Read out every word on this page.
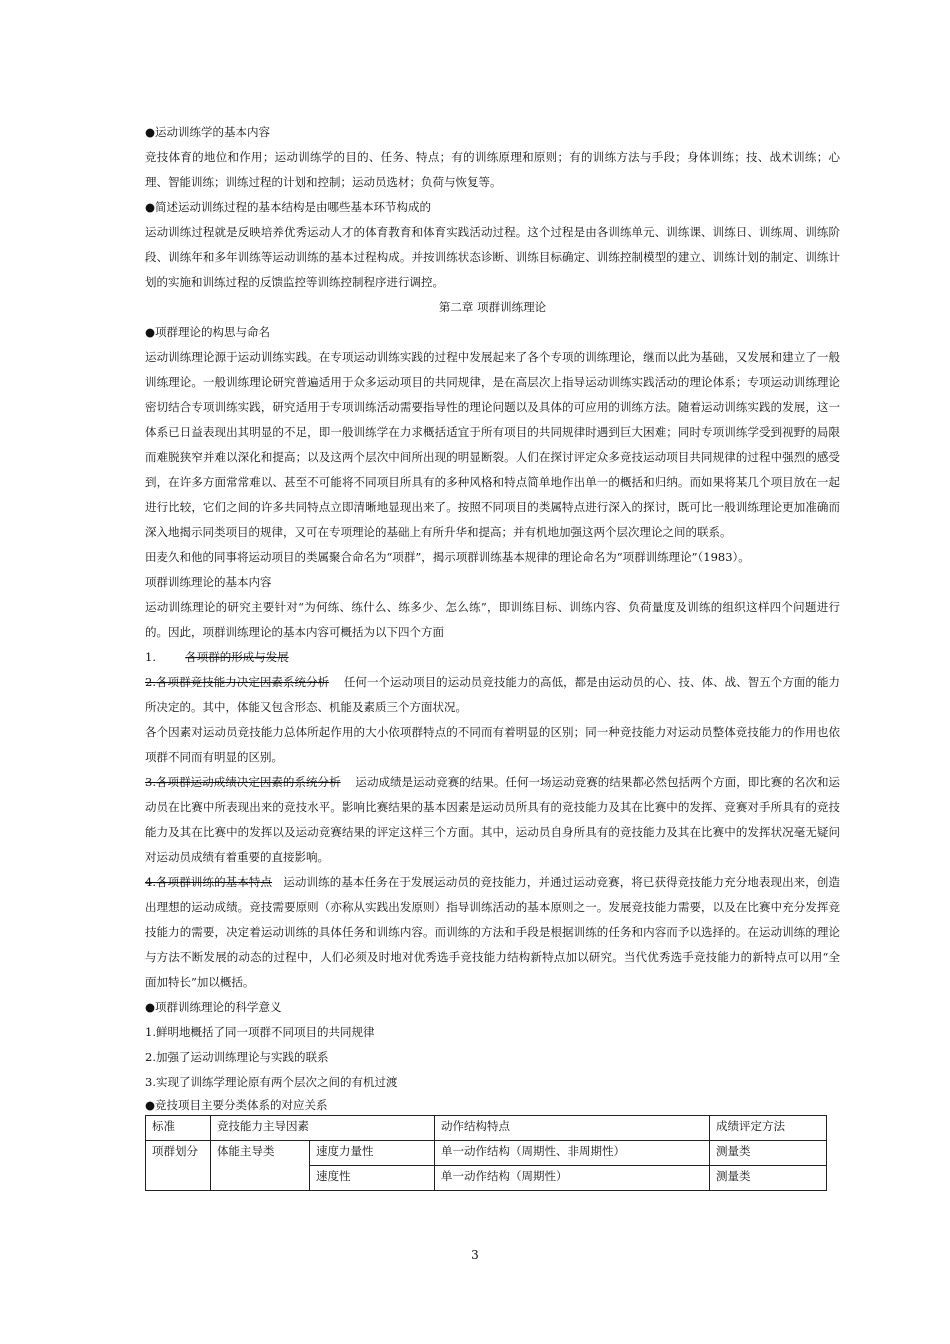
●运动训练学的基本内容

竞技体育的地位和作用；运动训练学的目的、任务、特点；有的训练原理和原则；有的训练方法与手段；身体训练；技、战术训练；心理、智能训练；训练过程的计划和控制；运动员选材；负荷与恢复等。

●简述运动训练过程的基本结构是由哪些基本环节构成的

运动训练过程就是反映培养优秀运动人才的体育教育和体育实践活动过程。这个过程是由各训练单元、训练课、训练日、训练周、训练阶段、训练年和多年训练等运动训练的基本过程构成。并按训练状态诊断、训练目标确定、训练控制模型的建立、训练计划的制定、训练计划的实施和训练过程的反馈监控等训练控制程序进行调控。

第二章 项群训练理论

●项群理论的构思与命名

运动训练理论源于运动训练实践。在专项运动训练实践的过程中发展起来了各个专项的训练理论，继而以此为基础，又发展和建立了一般训练理论。一般训练理论研究普遍适用于众多运动项目的共同规律，是在高层次上指导运动训练实践活动的理论体系；专项运动训练理论密切结合专项训练实践，研究适用于专项训练活动需要指导性的理论问题以及具体的可应用的训练方法。随着运动训练实践的发展，这一体系已日益表现出其明显的不足，即一般训练学在力求概括适宜于所有项目的共同规律时遇到巨大困难；同时专项训练学受到视野的局限而难脱狭窄并难以深化和提高；以及这两个层次中间所出现的明显断裂。人们在探讨评定众多竞技运动项目共同规律的过程中强烈的感受到，在许多方面常常难以、甚至不可能将不同项目所具有的多种风格和特点简单地作出单一的概括和归纳。而如果将某几个项目放在一起进行比较，它们之间的许多共同特点立即清晰地显现出来了。按照不同项目的类属特点进行深入的探讨，既可比一般训练理论更加准确而深入地揭示同类项目的规律，又可在专项理论的基础上有所升华和提高；并有机地加强这两个层次理论之间的联系。

田麦久和他的同事将运动项目的类属聚合命名为“项群”，揭示项群训练基本规律的理论命名为“项群训练理论”（1983）。

项群训练理论的基本内容

运动训练理论的研究主要针对“为何练、练什么、练多少、怎么练”，即训练目标、训练内容、负荷量度及训练的组织这样四个问题进行的。因此，项群训练理论的基本内容可概括为以下四个方面

1.	各项群的形成与发展

2.各项群竞技能力决定因素系统分析 任何一个运动项目的运动员竞技能力的高低，都是由运动员的心、技、体、战、智五个方面的能力所决定的。其中，体能又包含形态、机能及素质三个方面状况。

各个因素对运动员竞技能力总体所起作用的大小依项群特点的不同而有着明显的区别；同一种竞技能力对运动员整体竞技能力的作用也依项群不同而有明显的区别。

3.各项群运动成绩决定因素的系统分析 运动成绩是运动竞赛的结果。任何一场运动竞赛的结果都必然包括两个方面，即比赛的名次和运动员在比赛中所表现出来的竞技水平。影响比赛结果的基本因素是运动员所具有的竞技能力及其在比赛中的发挥、竞赛对手所具有的竞技能力及其在比赛中的发挥以及运动竞赛结果的评定这样三个方面。其中，运动员自身所具有的竞技能力及其在比赛中的发挥状况毫无疑问对运动员成绩有着重要的直接影响。

4.各项群训练的基本特点 运动训练的基本任务在于发展运动员的竞技能力，并通过运动竞赛，将已获得竞技能力充分地表现出来，创造出理想的运动成绩。竞技需要原则（亦称从实践出发原则）指导训练活动的基本原则之一。发展竞技能力需要，以及在比赛中充分发挥竞技能力的需要，决定着运动训练的具体任务和训练内容。而训练的方法和手段是根据训练的任务和内容而予以选择的。在运动训练的理论与方法不断发展的动态的过程中，人们必须及时地对优秀选手竞技能力结构新特点加以研究。当代优秀选手竞技能力的新特点可以用“全面加特长”加以概括。

●项群训练理论的科学意义

1.鲜明地概括了同一项群不同项目的共同规律

2.加强了运动训练理论与实践的联系

3.实现了训练学理论原有两个层次之间的有机过渡

●竞技项目主要分类体系的对应关系

标准	竞技能力主导因素		动作结构特点	成绩评定方法
项群划分	体能主导类	速度力量性	单一动作结构（周期性、非周期性）	测量类
		速度性	单一动作结构（周期性）	测量类
3
